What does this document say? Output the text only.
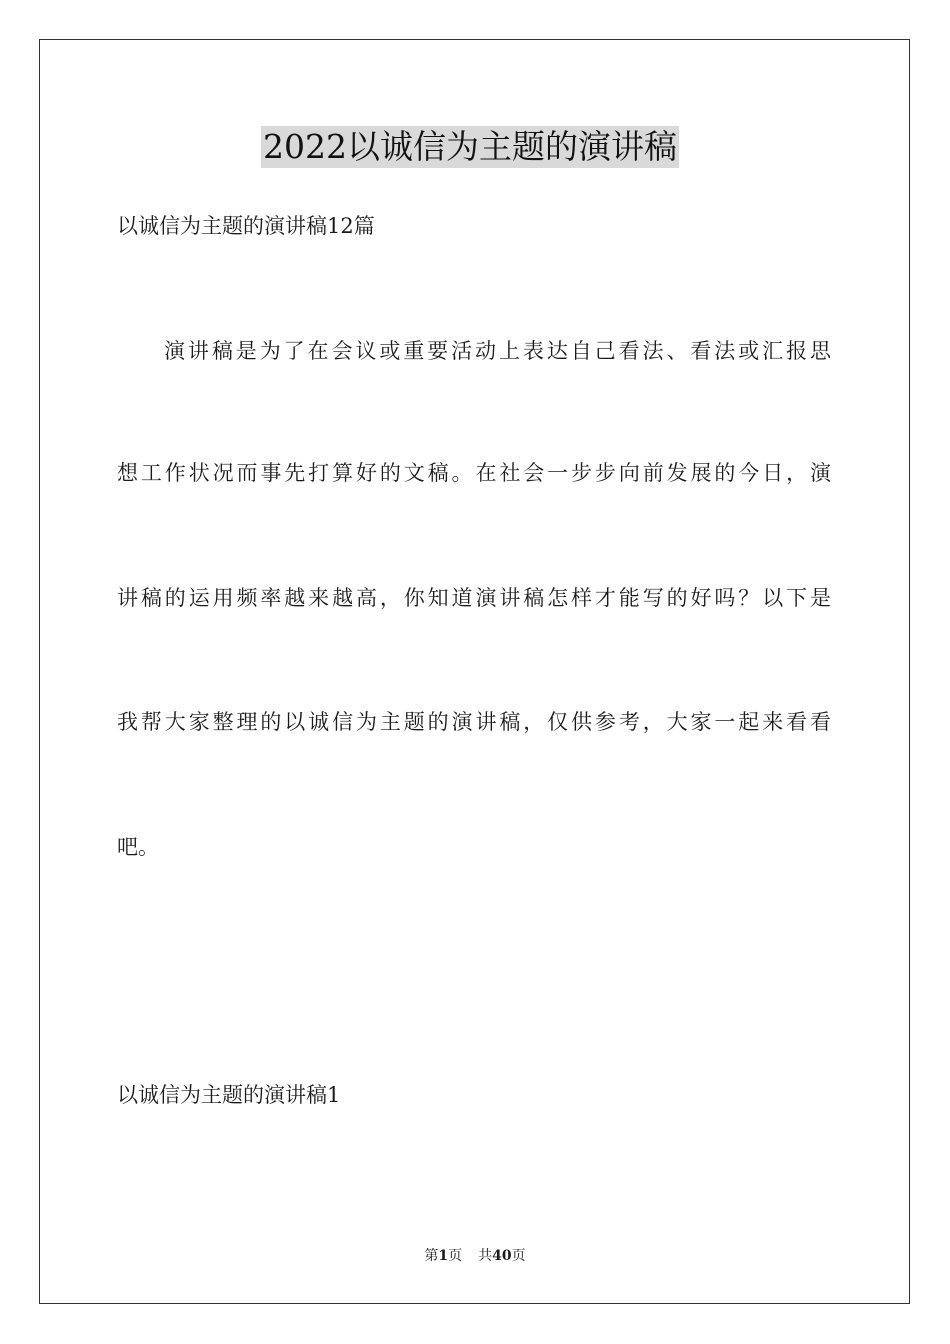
2022以诚信为主题的演讲稿
以诚信为主题的演讲稿12篇
演讲稿是为了在会议或重要活动上表达自己看法、看法或汇报思
想工作状况而事先打算好的文稿。在社会一步步向前发展的今日，演
讲稿的运用频率越来越高，你知道演讲稿怎样才能写的好吗？以下是
我帮大家整理的以诚信为主题的演讲稿，仅供参考，大家一起来看看
吧。
以诚信为主题的演讲稿1
第1页 共40页
